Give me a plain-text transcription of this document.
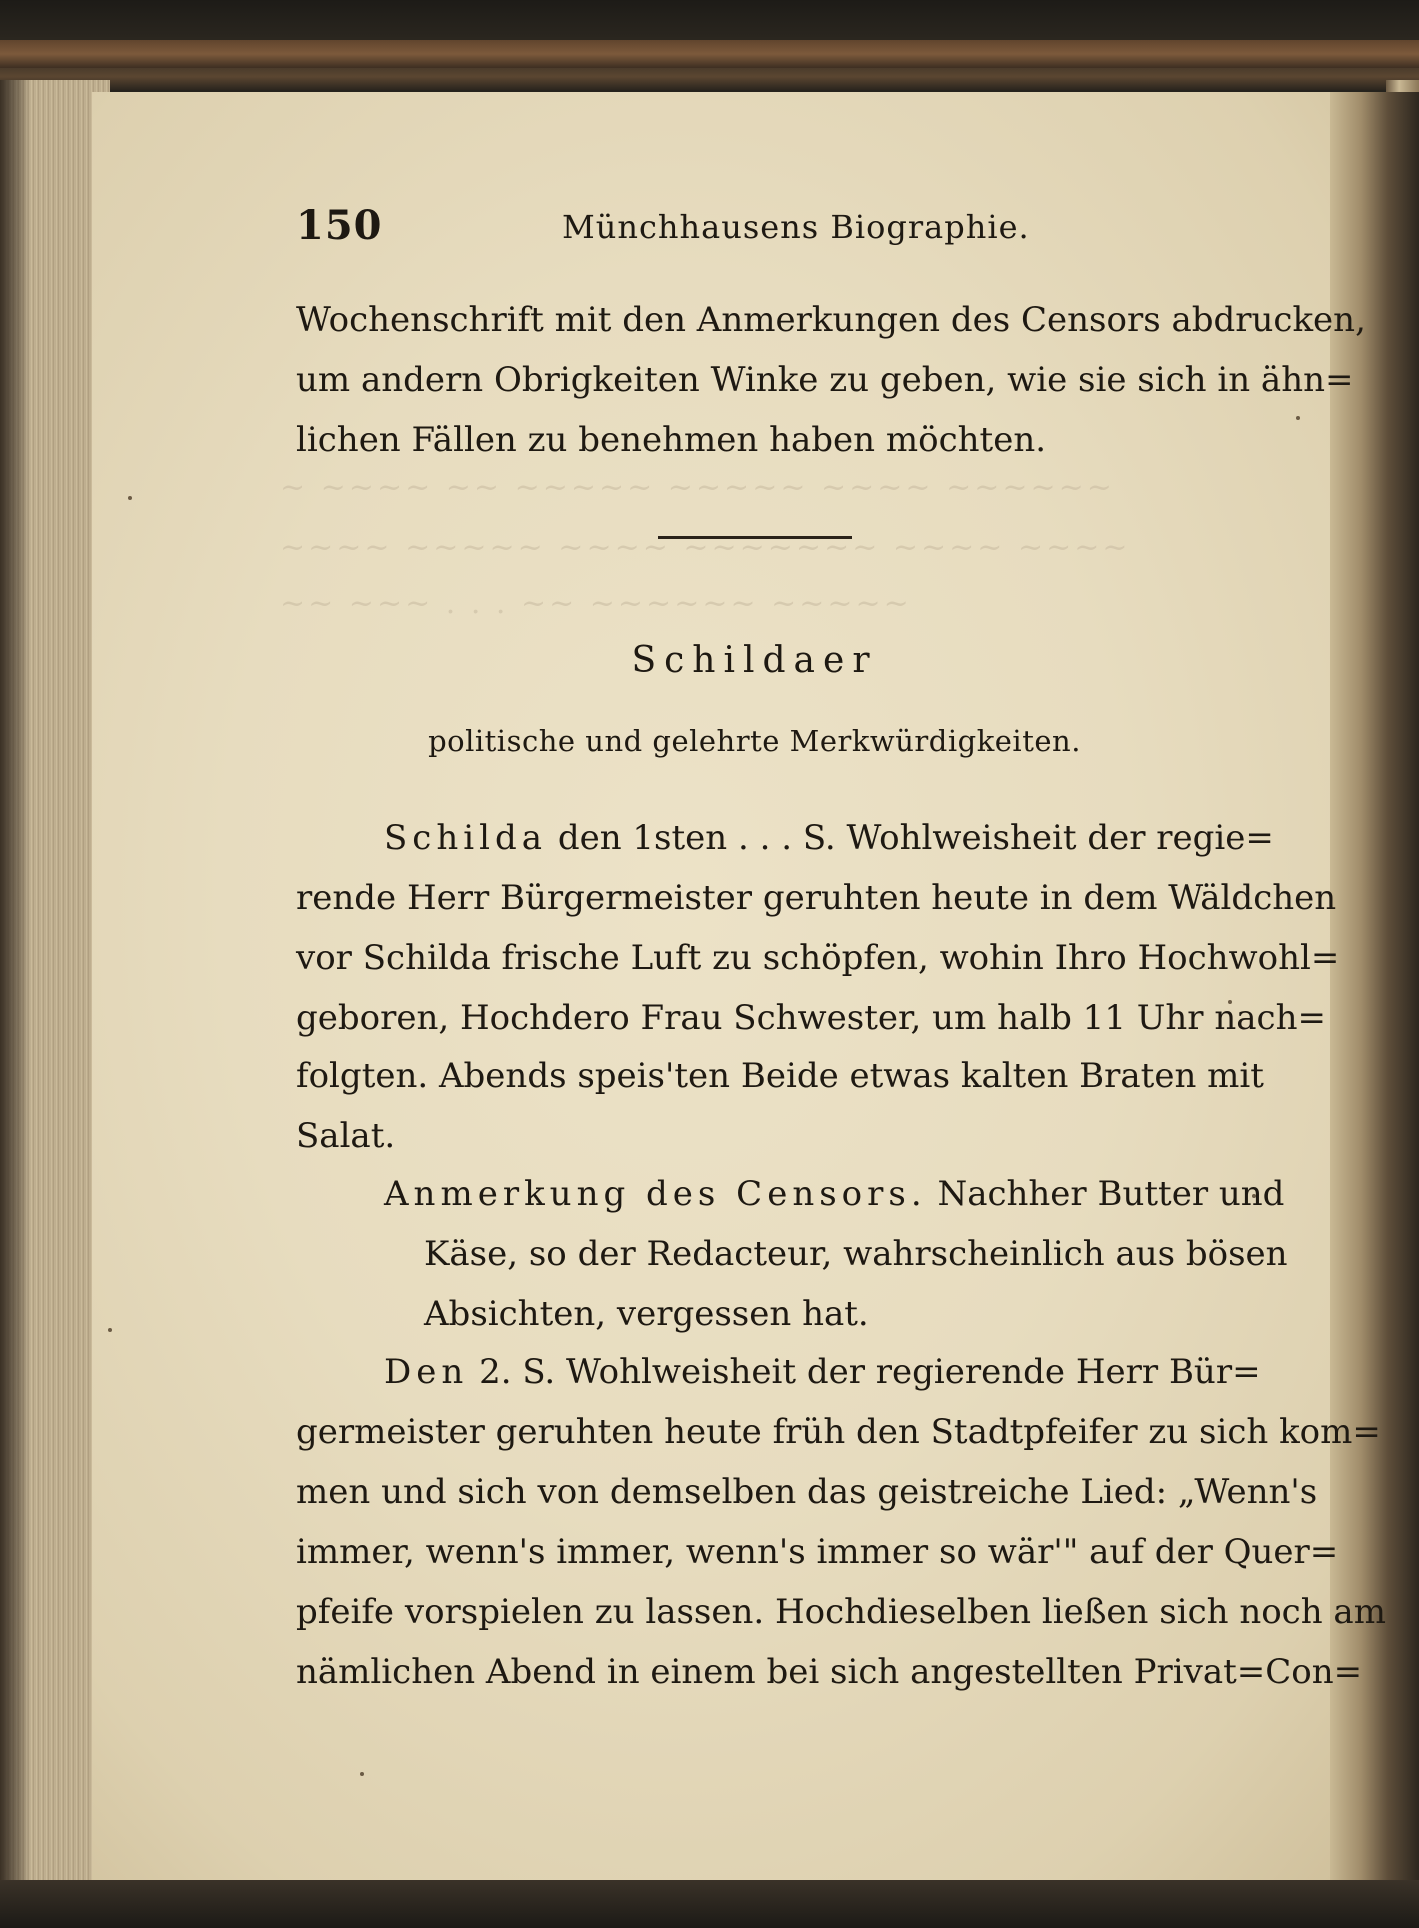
~ ~~~~ ~~ ~~~~~ ~~~~~ ~~~~ ~~~~~~
~~~~ ~~~~~ ~~~~ ~~~~~~~ ~~~~ ~~~~
~~ ~~~ . . . ~~ ~~~~~~ ~~~~~
150	Münchhausens Biographie.
Wochenschrift mit den Anmerkungen des Censors abdrucken,
um andern Obrigkeiten Winke zu geben, wie sie sich in ähn=
lichen Fällen zu benehmen haben möchten.
Schildaer
politische und gelehrte Merkwürdigkeiten.
Schilda den 1sten . . . S. Wohlweisheit der regie=
rende Herr Bürgermeister geruhten heute in dem Wäldchen
vor Schilda frische Luft zu schöpfen, wohin Ihro Hochwohl=
geboren, Hochdero Frau Schwester, um halb 11 Uhr nach=
folgten. Abends speis'ten Beide etwas kalten Braten mit
Salat.
Anmerkung des Censors. Nachher Butter und
Käse, so der Redacteur, wahrscheinlich aus bösen
Absichten, vergessen hat.
Den 2. S. Wohlweisheit der regierende Herr Bür=
germeister geruhten heute früh den Stadtpfeifer zu sich kom=
men und sich von demselben das geistreiche Lied: „Wenn's
immer, wenn's immer, wenn's immer so wär'" auf der Quer=
pfeife vorspielen zu lassen. Hochdieselben ließen sich noch am
nämlichen Abend in einem bei sich angestellten Privat=Con=
